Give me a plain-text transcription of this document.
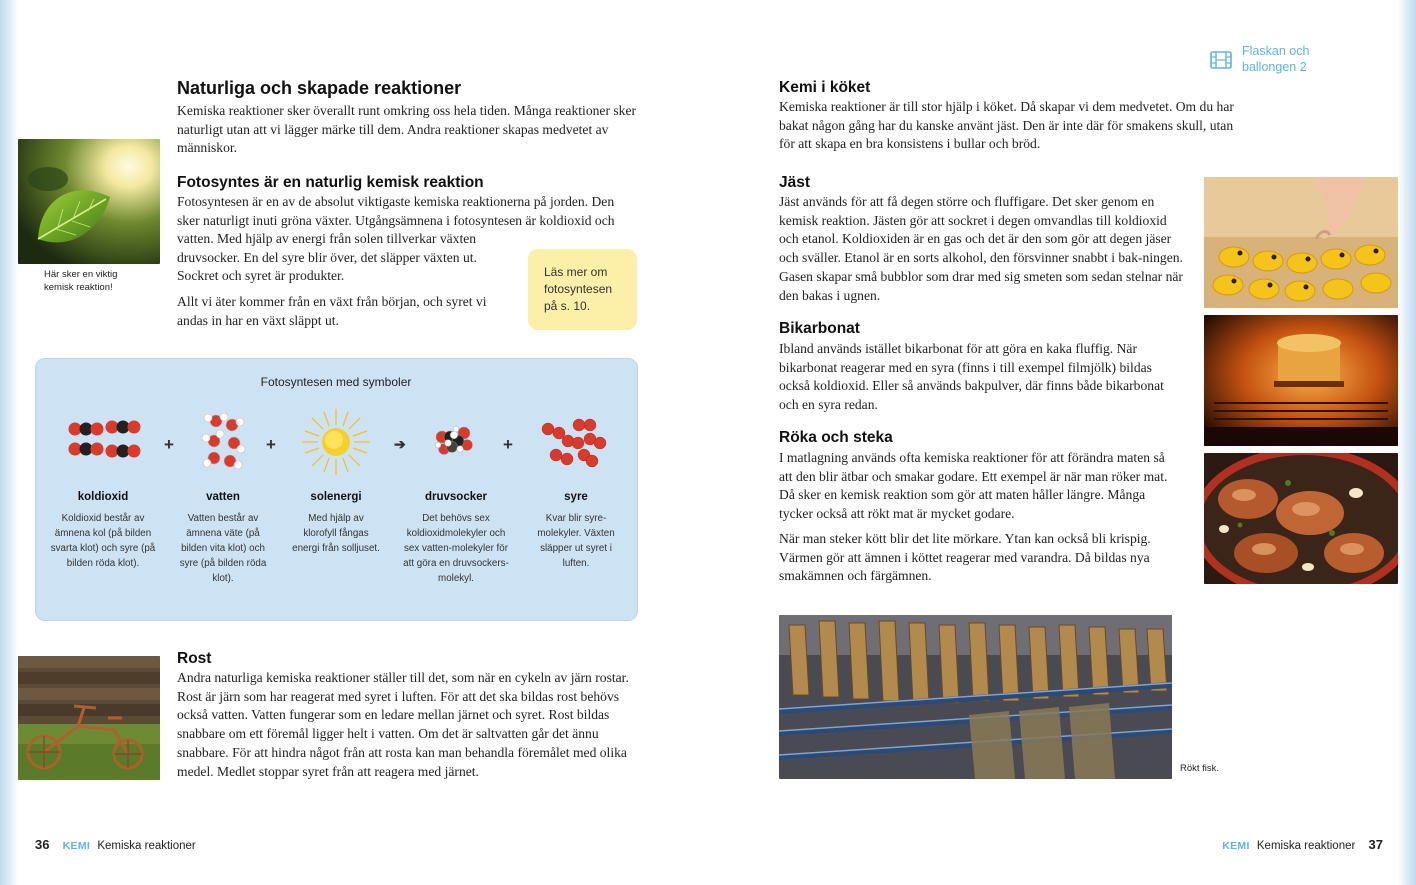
Naturliga och skapade reaktioner
Kemiska reaktioner sker överallt runt omkring oss hela tiden. Många reaktioner sker naturligt utan att vi lägger märke till dem. Andra reaktioner skapas medvetet av människor.
Här sker en viktig kemisk reaktion!
Fotosyntes är en naturlig kemisk reaktion
Fotosyntesen är en av de absolut viktigaste kemiska reaktionerna på jorden. Den sker naturligt inuti gröna växter. Utgångsämnena i fotosyntesen är koldioxid och
vatten. Med hjälp av energi från solen tillverkar växten druvsocker. En del syre blir över, det släpper växten ut. Sockret och syret är produkter.
Allt vi äter kommer från en växt från början, och syret vi andas in har en växt släppt ut.
Läs mer om fotosyntesen på s. 10.
Fotosyntesen med symboler
+	+	➔	+
koldioxid
Koldioxid består av ämnena kol (på bilden svarta klot) och syre (på bilden röda klot).
vatten
Vatten består av ämnena väte (på bilden vita klot) och syre (på bilden röda klot).
solenergi
Med hjälp av klorofyll fångas energi från solljuset.
druvsocker
Det behövs sex koldioxidmolekyler och sex vatten-molekyler för att göra en druvsockers-molekyl.
syre
Kvar blir syre-molekyler. Växten släpper ut syret i luften.
Rost
Andra naturliga kemiska reaktioner ställer till det, som när en cykeln av järn rostar. Rost är järn som har reagerat med syret i luften. För att det ska bildas rost behövs också vatten. Vatten fungerar som en ledare mellan järnet och syret. Rost bildas snabbare om ett föremål ligger helt i vatten. Om det är saltvatten går det ännu snabbare. För att hindra något från att rosta kan man behandla föremålet med olika medel. Medlet stoppar syret från att reagera med järnet.
36 KEMI Kemiska reaktioner
Flaskan och ballongen 2
Kemi i köket
Kemiska reaktioner är till stor hjälp i köket. Då skapar vi dem medvetet. Om du har bakat någon gång har du kanske använt jäst. Den är inte där för smakens skull, utan för att skapa en bra konsistens i bullar och bröd.
Jäst
Jäst används för att få degen större och fluffigare. Det sker genom en kemisk reaktion. Jästen gör att sockret i degen omvandlas till koldioxid och etanol. Koldioxiden är en gas och det är den som gör att degen jäser och sväller. Etanol är en sorts alkohol, den försvinner snabbt i bak-ningen. Gasen skapar små bubblor som drar med sig smeten som sedan stelnar när den bakas i ugnen.
Bikarbonat
Ibland används istället bikarbonat för att göra en kaka fluffig. När bikarbonat reagerar med en syra (finns i till exempel filmjölk) bildas också koldioxid. Eller så används bakpulver, där finns både bikarbonat och en syra redan.
Röka och steka
I matlagning används ofta kemiska reaktioner för att förändra maten så att den blir ätbar och smakar godare. Ett exempel är när man röker mat. Då sker en kemisk reaktion som gör att maten håller längre. Många tycker också att rökt mat är mycket godare.
När man steker kött blir det lite mörkare. Ytan kan också bli krispig. Värmen gör att ämnen i köttet reagerar med varandra. Då bildas nya smakämnen och färgämnen.
Rökt fisk.
KEMI Kemiska reaktioner 37
